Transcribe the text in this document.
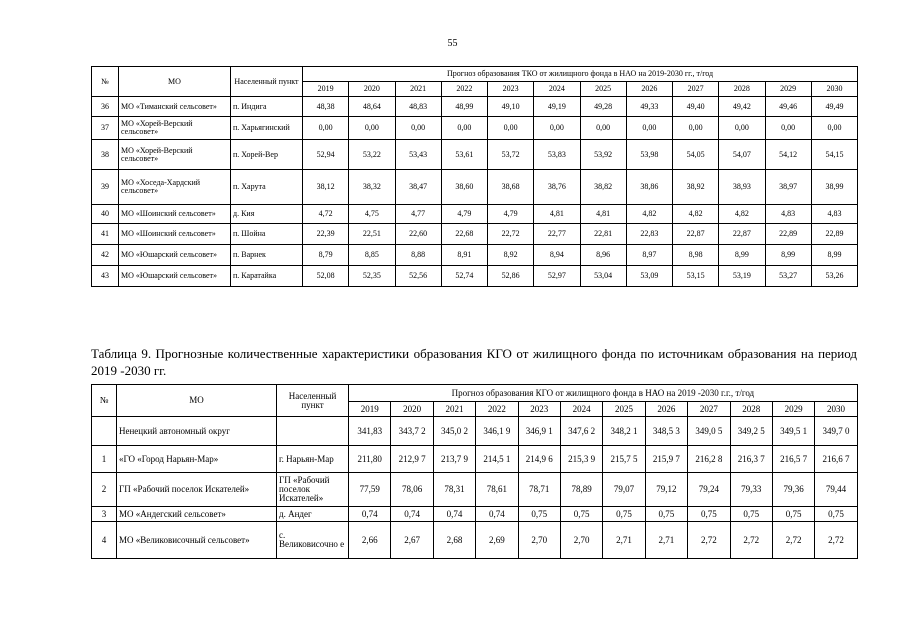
55
№	МО	Населенный пункт	Прогноз образования ТКО от жилищного фонда в НАО на 2019-2030 гг., т/год											
			2019	2020	2021	2022	2023	2024	2025	2026	2027	2028	2029	2030
36	МО «Тиманский сельсовет»	п. Индига	48,38	48,64	48,83	48,99	49,10	49,19	49,28	49,33	49,40	49,42	49,46	49,49
37	МО «Хорей-Верский сельсовет»	п. Харьягинский	0,00	0,00	0,00	0,00	0,00	0,00	0,00	0,00	0,00	0,00	0,00	0,00
38	МО «Хорей-Верский сельсовет»	п. Хорей-Вер	52,94	53,22	53,43	53,61	53,72	53,83	53,92	53,98	54,05	54,07	54,12	54,15
39	МО «Хоседа-Хардский сельсовет»	п. Харута	38,12	38,32	38,47	38,60	38,68	38,76	38,82	38,86	38,92	38,93	38,97	38,99
40	МО «Шоинский сельсовет»	д. Кия	4,72	4,75	4,77	4,79	4,79	4,81	4,81	4,82	4,82	4,82	4,83	4,83
41	МО «Шоинский сельсовет»	п. Шойна	22,39	22,51	22,60	22,68	22,72	22,77	22,81	22,83	22,87	22,87	22,89	22,89
42	МО «Юшарский сельсовет»	п. Варнек	8,79	8,85	8,88	8,91	8,92	8,94	8,96	8,97	8,98	8,99	8,99	8,99
43	МО «Юшарский сельсовет»	п. Каратайка	52,08	52,35	52,56	52,74	52,86	52,97	53,04	53,09	53,15	53,19	53,27	53,26
Таблица 9. Прогнозные количественные характеристики образования КГО от жилищного фонда по источникам образования на период 2019 -2030 гг.
№	МО	Населенный пункт	Прогноз образования КГО от жилищного фонда в НАО на 2019 -2030 г.г., т/год											
			2019	2020	2021	2022	2023	2024	2025	2026	2027	2028	2029	2030
	Ненецкий автономный округ		341,83	343,7 2	345,0 2	346,1 9	346,9 1	347,6 2	348,2 1	348,5 3	349,0 5	349,2 5	349,5 1	349,7 0
1	«ГО «Город Нарьян-Мар»	г. Нарьян-Мар	211,80	212,9 7	213,7 9	214,5 1	214,9 6	215,3 9	215,7 5	215,9 7	216,2 8	216,3 7	216,5 7	216,6 7
2	ГП «Рабочий поселок Искателей»	ГП «Рабочий поселок Искателей»	77,59	78,06	78,31	78,61	78,71	78,89	79,07	79,12	79,24	79,33	79,36	79,44
3	МО «Андегский сельсовет»	д. Андег	0,74	0,74	0,74	0,74	0,75	0,75	0,75	0,75	0,75	0,75	0,75	0,75
4	МО «Великовисочный сельсовет»	с. Великовисочно е	2,66	2,67	2,68	2,69	2,70	2,70	2,71	2,71	2,72	2,72	2,72	2,72
